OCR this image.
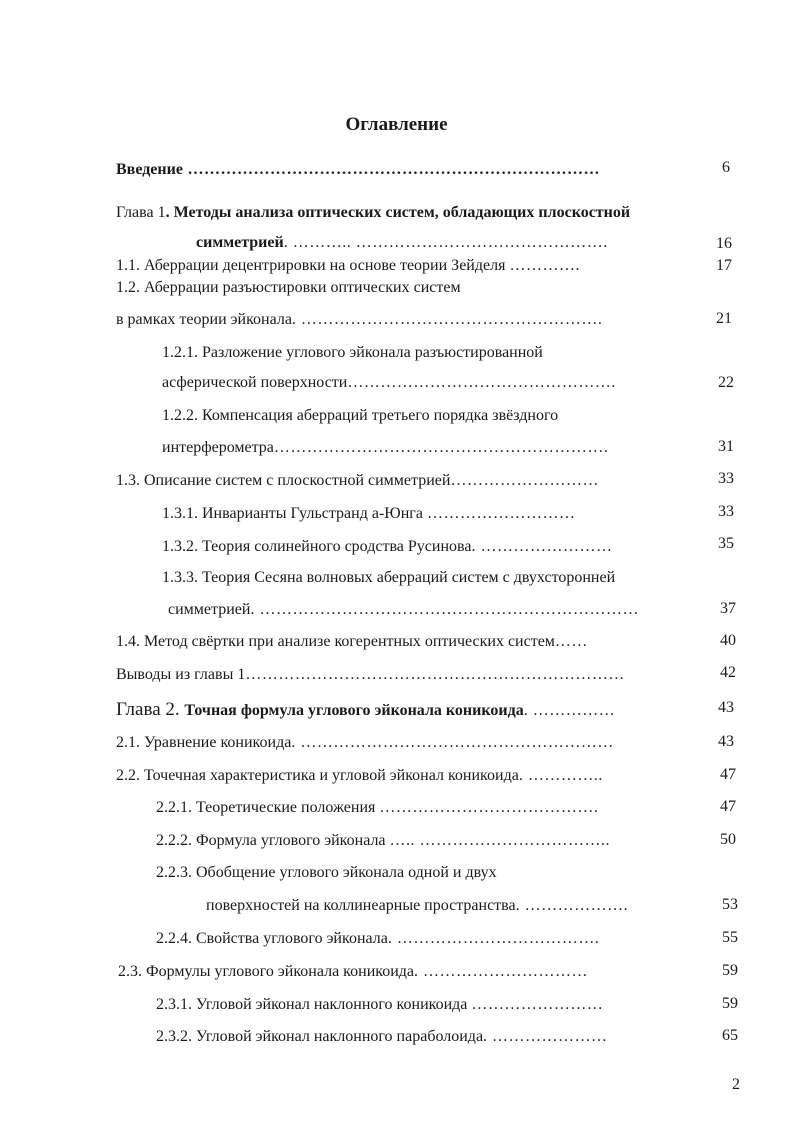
Оглавление
Введение …………………………………………………………………	6
Глава 1. Методы анализа оптических систем, обладающих плоскостной
симметрией. ……….. ……………………………………….	16
1.1. Аберрации децентрировки на основе теории Зейделя ………….	17
1.2. Аберрации разъюстировки оптических систем
в рамках теории эйконала. ……………………………………………….	21
1.2.1. Разложение углового эйконала разъюстированной
асферической поверхности………………………………………….	22
1.2.2. Компенсация аберраций третьего порядка звёздного
интерферометра…………………………………………………….	31
1.3. Описание систем с плоскостной симметрией………………………	33
1.3.1. Инварианты Гульстранд а-Юнга ………………………	33
1.3.2. Теория солинейного сродства Русинова. ……………………	35
1.3.3. Теория Сесяна волновых аберраций систем с двухсторонней
симметрией. ……………………………………………………………	37
1.4. Метод свёртки при анализе когерентных оптических систем……	40
Выводы из главы 1……………………………………………………………	42
Глава 2. Точная формула углового эйконала коникоида. ……………	43
2.1. Уравнение коникоида. …………………………………………………	43
2.2. Точечная характеристика и угловой эйконал коникоида. …………..	47
2.2.1. Теоретические положения ………………………………….	47
2.2.2. Формула углового эйконала ….. ……………………………..	50
2.2.3. Обобщение углового эйконала одной и двух
поверхностей на коллинеарные пространства. ……………….	53
2.2.4. Свойства углового эйконала. ……………………………….	55
2.3. Формулы углового эйконала коникоида. …………………………	59
2.3.1. Угловой эйконал наклонного коникоида ……………………	59
2.3.2. Угловой эйконал наклонного параболоида. …………………	65
2
